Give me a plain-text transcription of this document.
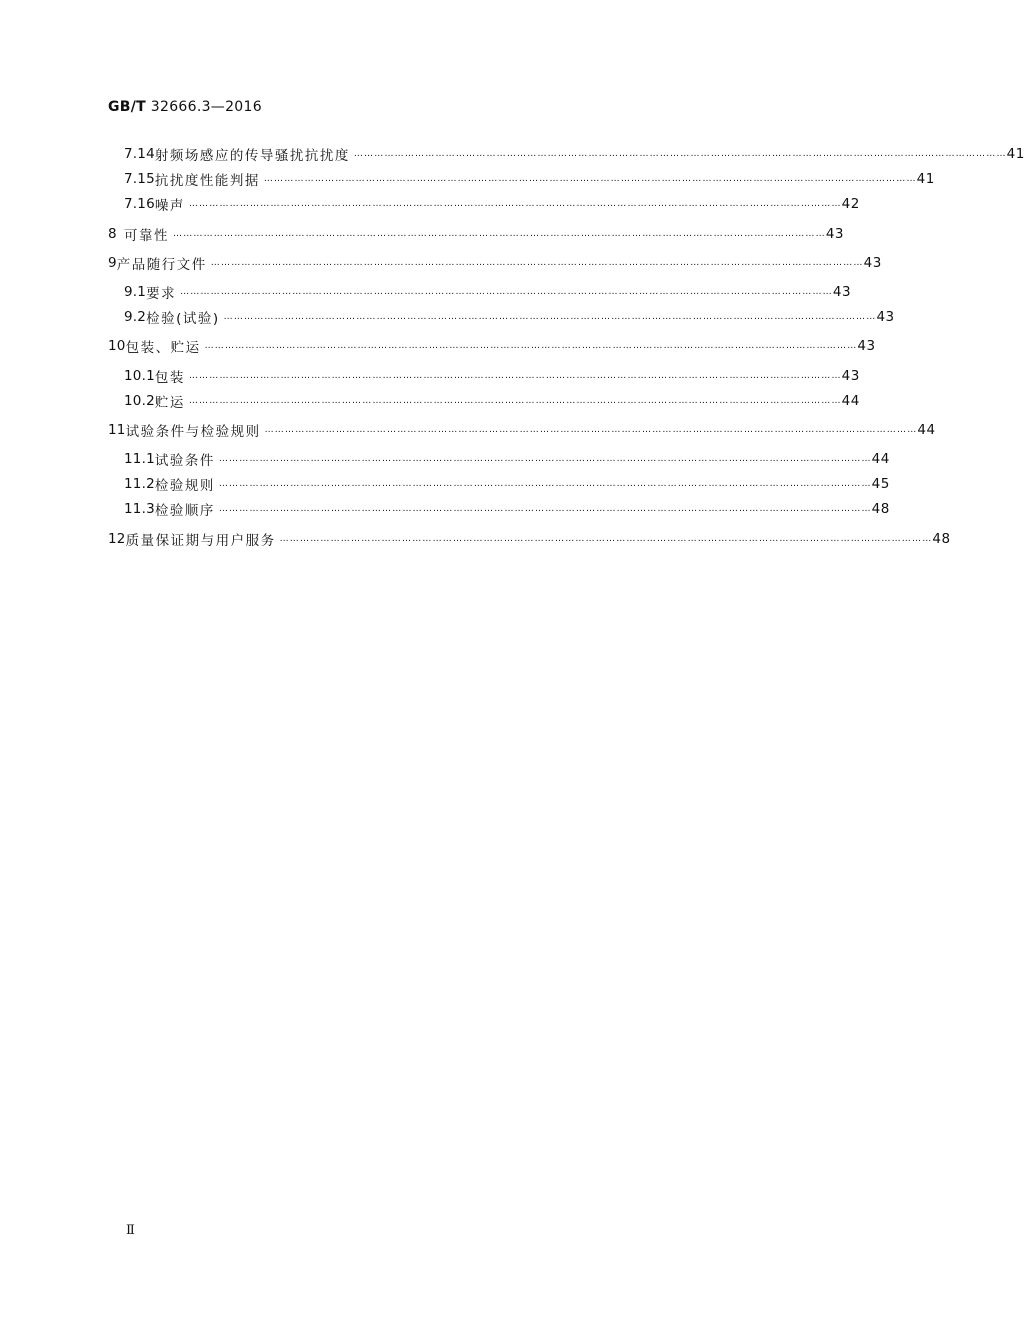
GB/T 32666.3—2016
7.14 射频场感应的传导骚扰抗扰度 ………………………………………………………………………………………………………………………………………………………………………… 41
7.15 抗扰度性能判据 ………………………………………………………………………………………………………………………………………………………………………… 41
7.16 噪声 ………………………………………………………………………………………………………………………………………………………………………… 42
8 可靠性 ………………………………………………………………………………………………………………………………………………………………………… 43
9 产品随行文件 ………………………………………………………………………………………………………………………………………………………………………… 43
9.1 要求 ………………………………………………………………………………………………………………………………………………………………………… 43
9.2 检验(试验) ………………………………………………………………………………………………………………………………………………………………………… 43
10 包装、贮运 ………………………………………………………………………………………………………………………………………………………………………… 43
10.1 包装 ………………………………………………………………………………………………………………………………………………………………………… 43
10.2 贮运 ………………………………………………………………………………………………………………………………………………………………………… 44
11 试验条件与检验规则 ………………………………………………………………………………………………………………………………………………………………………… 44
11.1 试验条件 ………………………………………………………………………………………………………………………………………………………………………… 44
11.2 检验规则 ………………………………………………………………………………………………………………………………………………………………………… 45
11.3 检验顺序 ………………………………………………………………………………………………………………………………………………………………………… 48
12 质量保证期与用户服务 ………………………………………………………………………………………………………………………………………………………………………… 48
Ⅱ
